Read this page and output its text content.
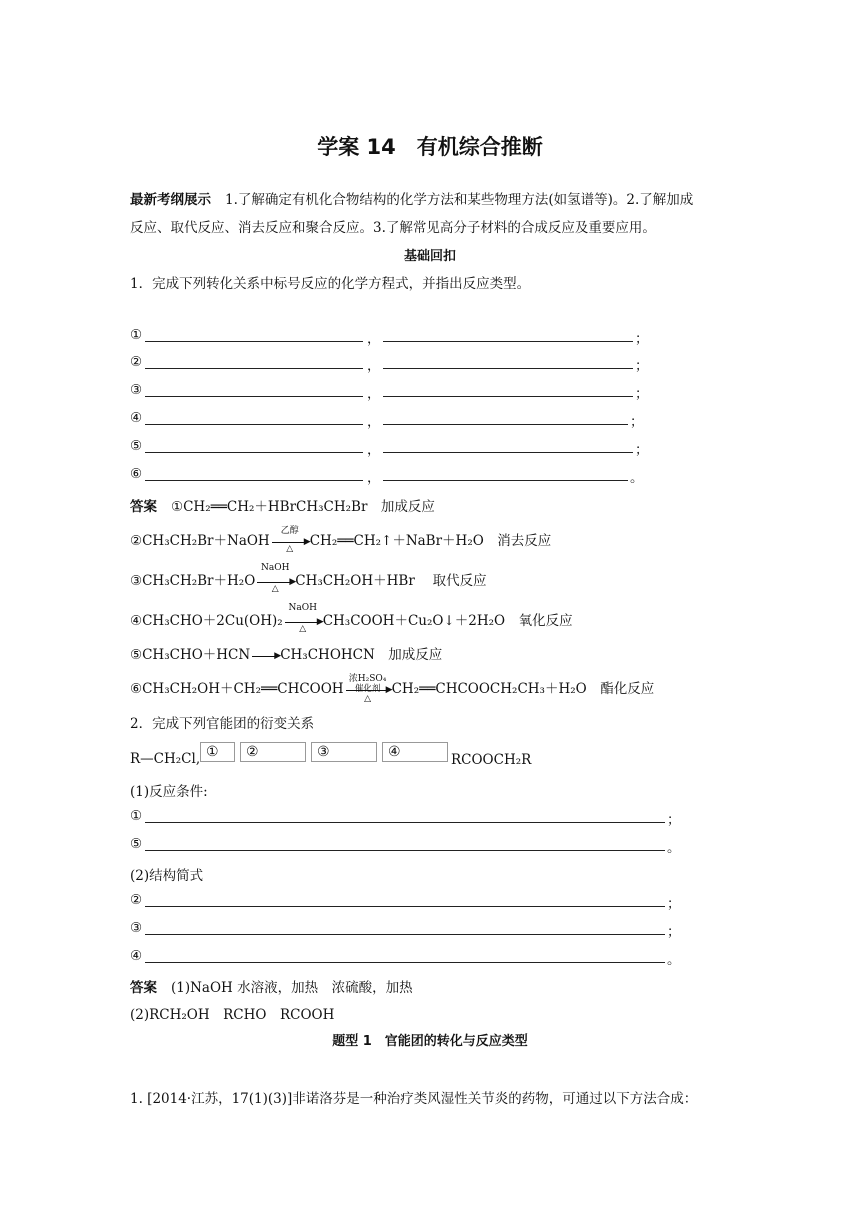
学案 14　有机综合推断
最新考纲展示 1.了解确定有机化合物结构的化学方法和某些物理方法(如氢谱等)。2.了解加成
反应、取代反应、消去反应和聚合反应。3.了解常见高分子材料的合成反应及重要应用。
基础回扣
1．完成下列转化关系中标号反应的化学方程式，并指出反应类型。
①	，	；
②	，	；
③	，	；
④	，	；
⑤	，	；
⑥	，	。
答案 ①CH₂══CH₂＋HBrCH₃CH₂Br　加成反应
②CH₃CH₂Br＋NaOH
乙醇
▶
△	CH₂══CH₂↑＋NaBr＋H₂O　消去反应
③CH₃CH₂Br＋H₂O
NaOH
▶
△	CH₃CH₂OH＋HBr　 取代反应
④CH₃CHO＋2Cu(OH)₂
NaOH
▶
△	CH₃COOH＋Cu₂O↓＋2H₂O　氧化反应
⑤CH₃CHO＋HCN	▶ CH₃CHOHCN　加成反应
⑥CH₃CH₂OH＋CH₂══CHCOOH
浓H₂SO₄
▶
催化剂
△
CH₂══CHCOOCH₂CH₃＋H₂O　酯化反应
2．完成下列官能团的衍变关系
R—CH₂Cl, ①	②	③	④	RCOOCH₂R
(1)反应条件:
①	；
⑤	。
(2)结构简式
②	；
③	；
④	。
答案 (1)NaOH 水溶液，加热　浓硫酸，加热
(2)RCH₂OH　RCHO　RCOOH
题型 1　官能团的转化与反应类型
1. [2014·江苏，17(1)(3)]非诺洛芬是一种治疗类风湿性关节炎的药物，可通过以下方法合成：
